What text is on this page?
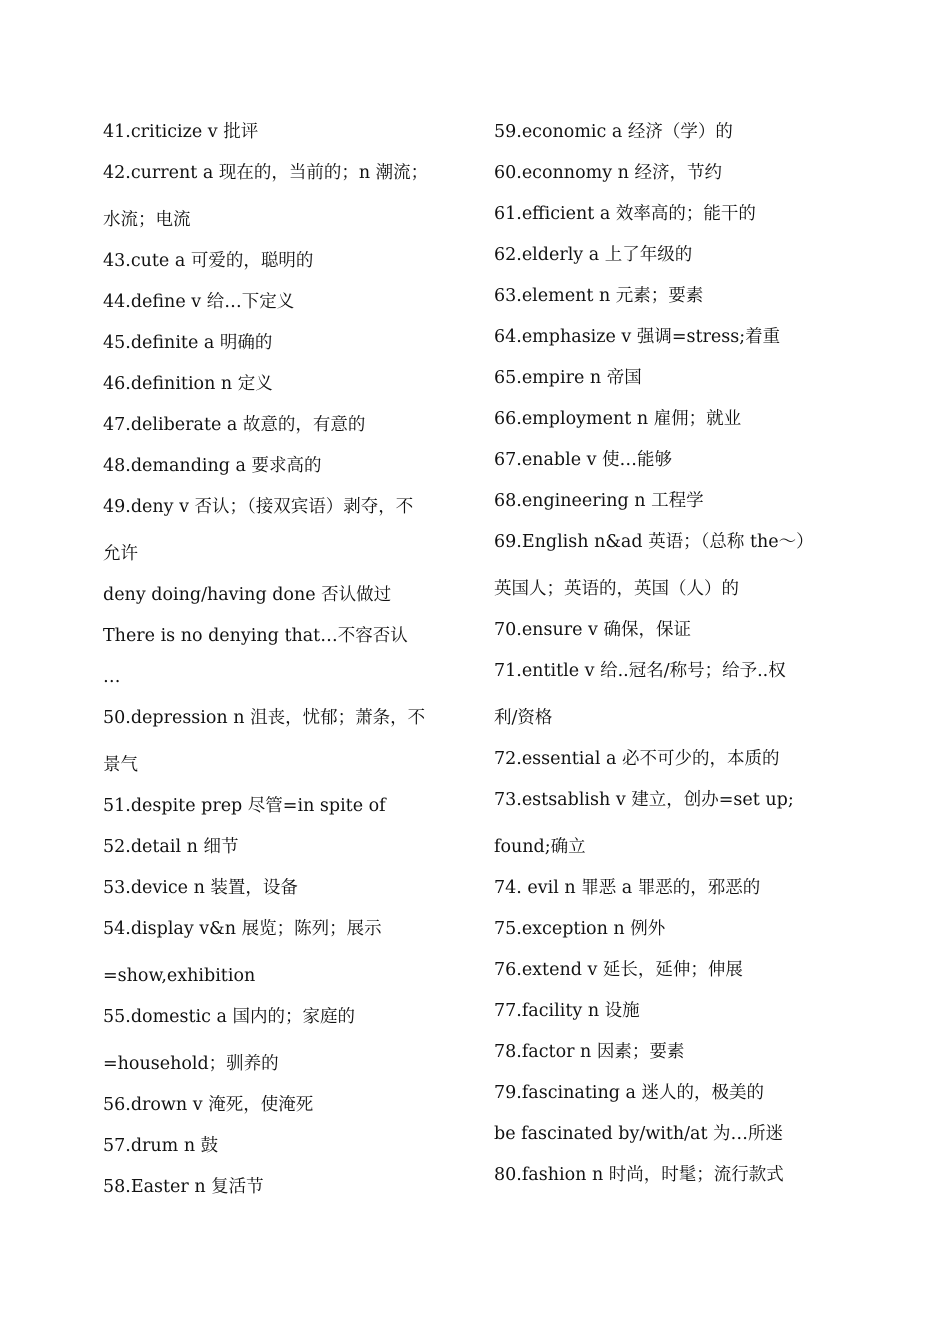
41.criticize v 批评
42.current a 现在的，当前的；n 潮流；
水流；电流
43.cute a 可爱的，聪明的
44.define v 给…下定义
45.definite a 明确的
46.definition n 定义
47.deliberate a 故意的，有意的
48.demanding a 要求高的
49.deny v 否认；（接双宾语）剥夺，不
允许
deny doing/having done 否认做过
There is no denying that…不容否认
…
50.depression n 沮丧，忧郁；萧条，不
景气
51.despite prep 尽管=in spite of
52.detail n 细节
53.device n 装置，设备
54.display v&n 展览；陈列；展示
=show,exhibition
55.domestic a 国内的；家庭的
=household；驯养的
56.drown v 淹死，使淹死
57.drum n 鼓
58.Easter n 复活节
59.economic a 经济（学）的
60.econnomy n 经济，节约
61.efficient a 效率高的；能干的
62.elderly a 上了年级的
63.element n 元素；要素
64.emphasize v 强调=stress;着重
65.empire n 帝国
66.employment n 雇佣；就业
67.enable v 使…能够
68.engineering n 工程学
69.English n&ad 英语；（总称 the～）
英国人；英语的，英国（人）的
70.ensure v 确保，保证
71.entitle v 给..冠名/称号；给予..权
利/资格
72.essential a 必不可少的，本质的
73.estsablish v 建立，创办=set up;
found;确立
74. evil n 罪恶 a 罪恶的，邪恶的
75.exception n 例外
76.extend v 延长，延伸；伸展
77.facility n 设施
78.factor n 因素；要素
79.fascinating a 迷人的，极美的
be fascinated by/with/at 为…所迷
80.fashion n 时尚，时髦；流行款式
